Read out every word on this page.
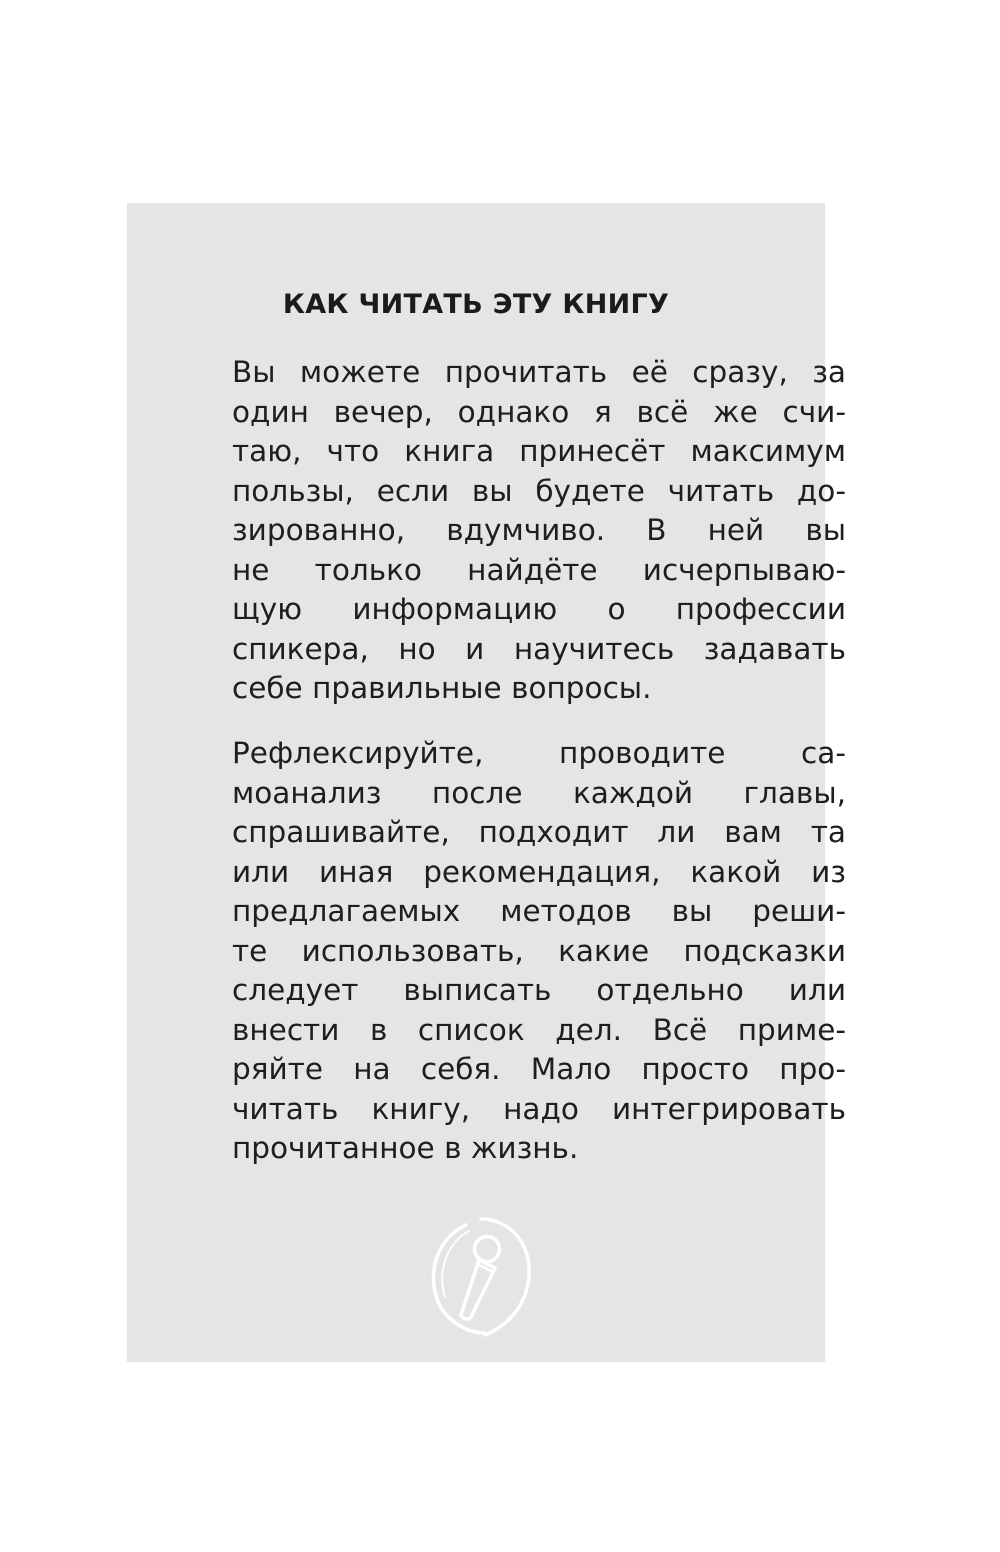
КАК ЧИТАТЬ ЭТУ КНИГУ
Вы можете прочитать её сразу, за
один вечер, однако я всё же счи-
таю, что книга принесёт максимум
пользы, если вы будете читать до-
зированно, вдумчиво. В ней вы
не только найдёте исчерпываю-
щую информацию о профессии
спикера, но и научитесь задавать
себе правильные вопросы.
Рефлексируйте, проводите са-
моанализ после каждой главы,
спрашивайте, подходит ли вам та
или иная рекомендация, какой из
предлагаемых методов вы реши-
те использовать, какие подсказки
следует выписать отдельно или
внести в список дел. Всё приме-
ряйте на себя. Мало просто про-
читать книгу, надо интегрировать
прочитанное в жизнь.
